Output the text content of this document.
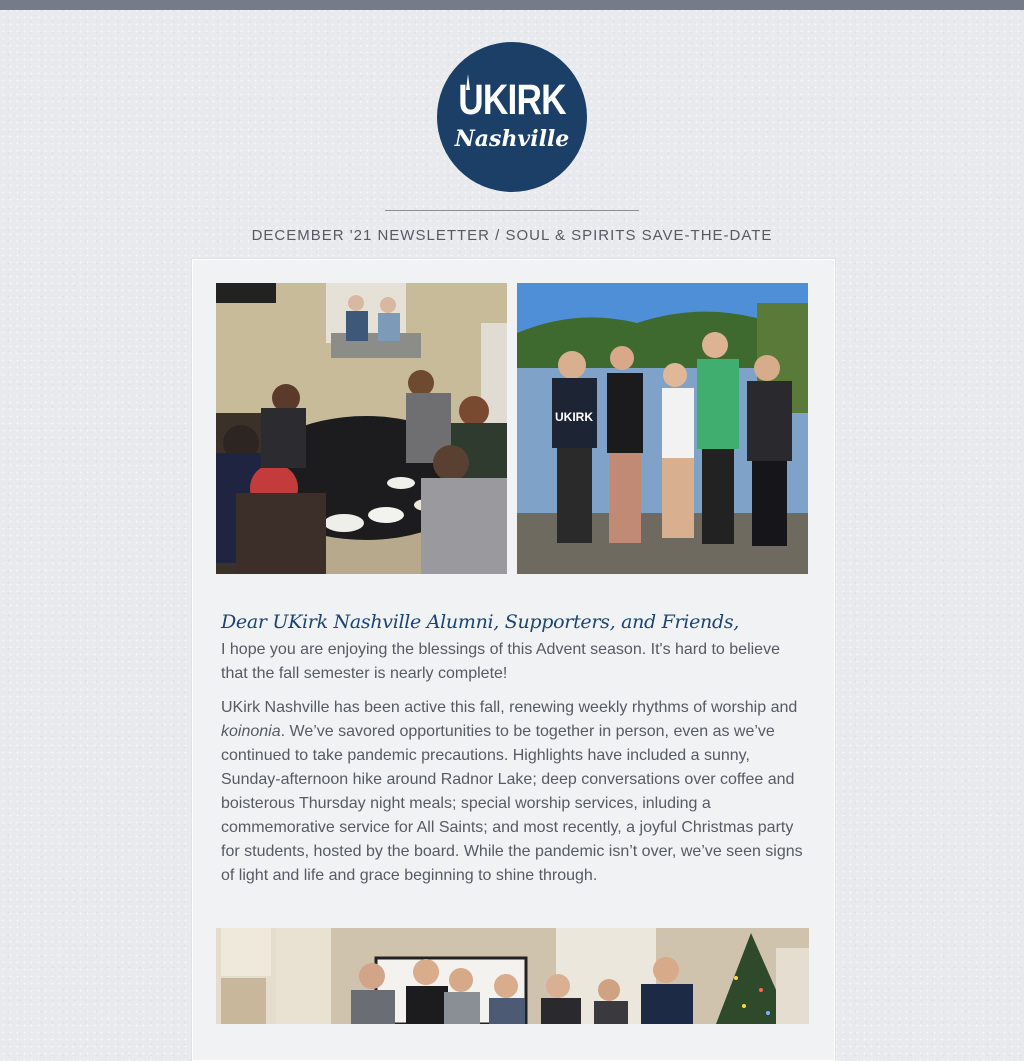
UKIRK
Nashville
DECEMBER '21 NEWSLETTER / SOUL & SPIRITS SAVE-THE-DATE
UKIRK
Dear UKirk Nashville Alumni, Supporters, and Friends,

I hope you are enjoying the blessings of this Advent season. It's hard to believe that the fall semester is nearly complete!

UKirk Nashville has been active this fall, renewing weekly rhythms of worship and koinonia. We’ve savored opportunities to be together in person, even as we’ve continued to take pandemic precautions. Highlights have included a sunny, Sunday-afternoon hike around Radnor Lake; deep conversations over coffee and boisterous Thursday night meals; special worship services, inluding a commemorative service for All Saints; and most recently, a joyful Christmas party for students, hosted by the board. While the pandemic isn’t over, we’ve seen signs of light and life and grace beginning to shine through.
